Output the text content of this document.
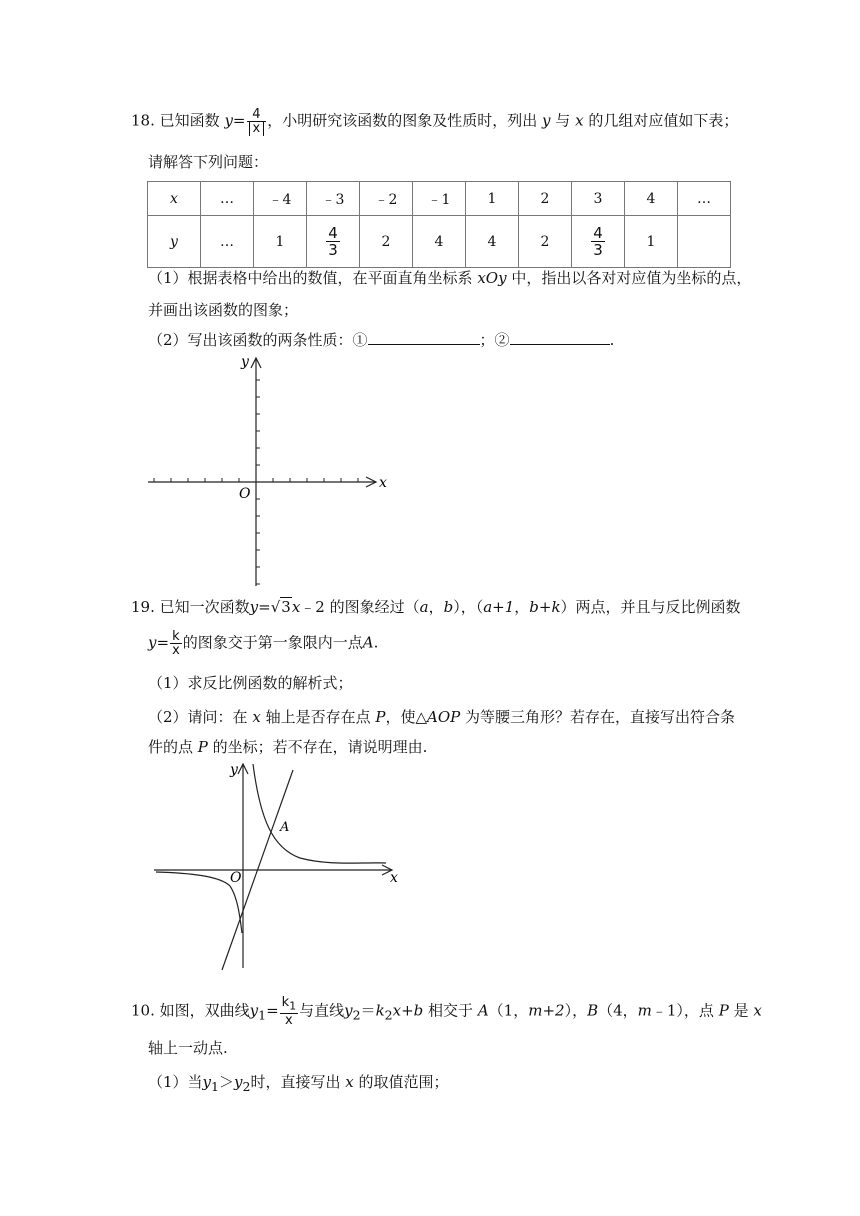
18. 已知函数 $y= \frac{4}{x}$ ，小明研究该函数的图象及性质时，列出 y 与 x 的几组对应值如下表；
请解答下列问题：
x	…	﹣4	﹣3	﹣2	﹣1	1	2	3	4	…
y	…	1	$\frac{4}{3}$	2	4	4	2	$\frac{4}{3}$	1	
（1）根据表格中给出的数值，在平面直角坐标系 xOy 中，指出以各对对应值为坐标的点，
并画出该函数的图象；
（2）写出该函数的两条性质：①	；②	.
y
x
O
19. 已知一次函数y=√3x﹣2 的图象经过（a，b），（a+1，b+k）两点，并且与反比例函数
$y= \frac{k}{x}$ 的图象交于第一象限内一点A.
（1）求反比例函数的解析式；
（2）请问：在 x 轴上是否存在点 P，使△AOP 为等腰三角形？若存在，直接写出符合条
件的点 P 的坐标；若不存在，请说明理由.
y
x
O
A
10. 如图，双曲线$y_1= \frac{k_1}{x}$ 与直线$y_2=k_2x+b$ 相交于 A（1，m+2），B（4，m﹣1），点 P 是 x
轴上一动点.
（1）当$y_1>y_2$时，直接写出 x 的取值范围；
